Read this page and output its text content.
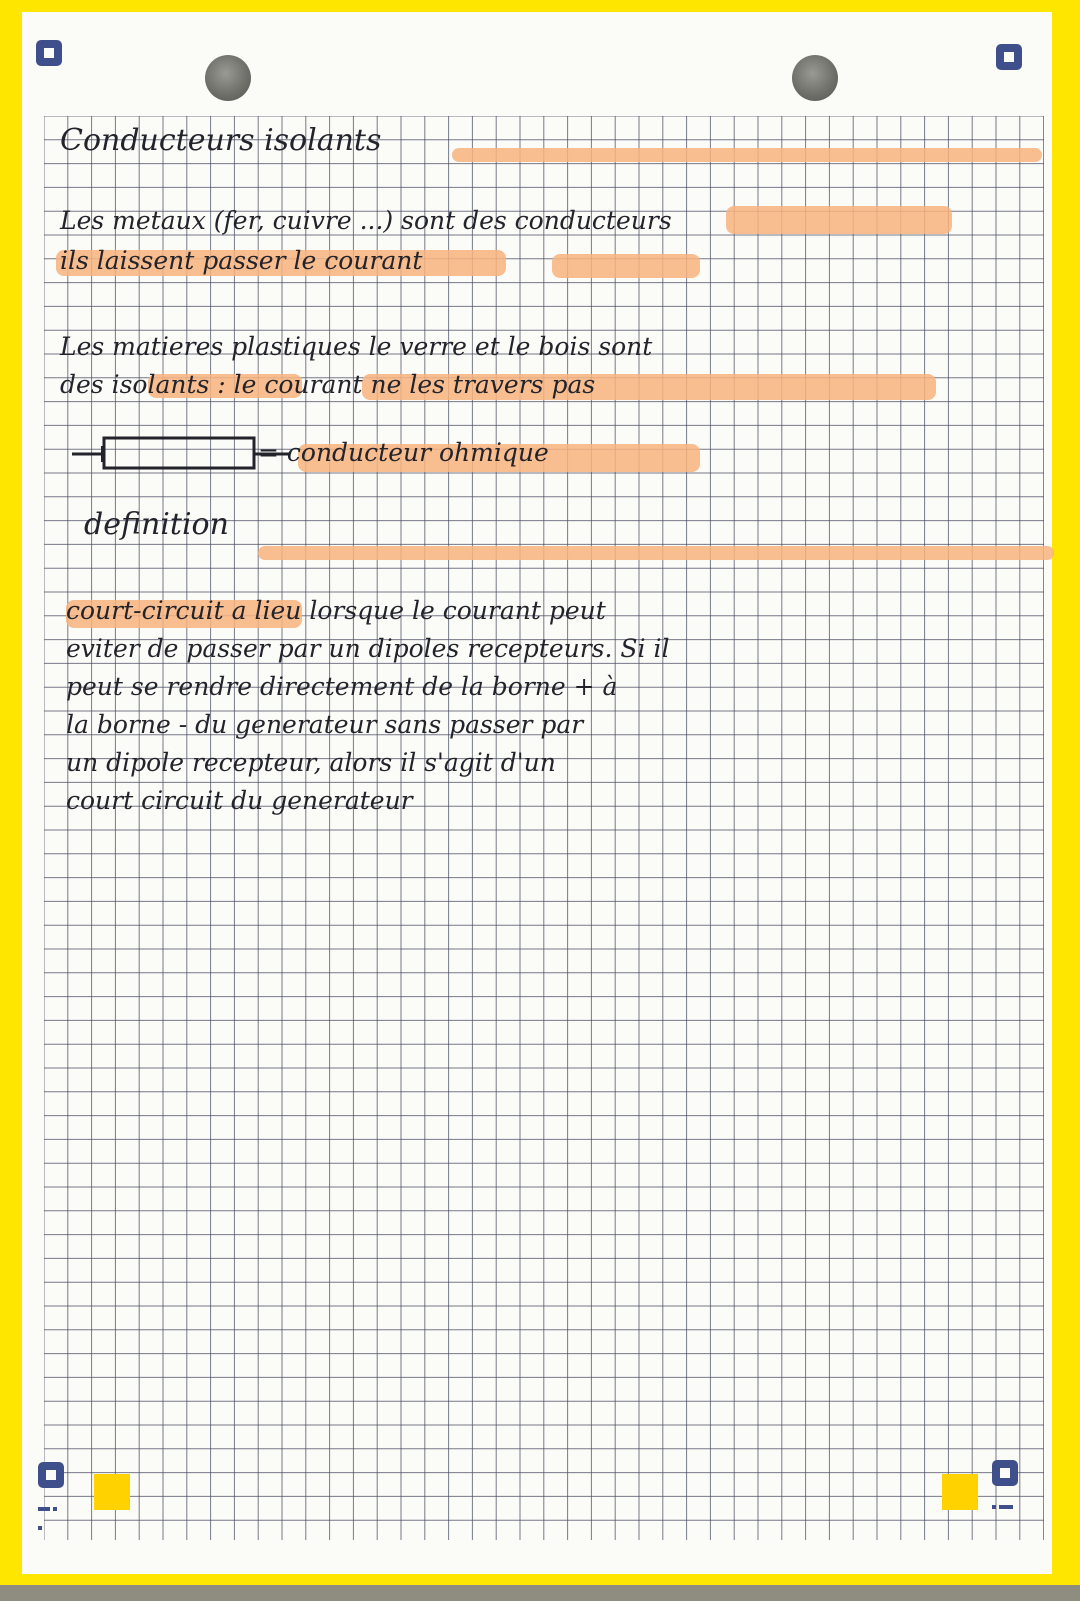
Conducteurs isolants
Les metaux (fer, cuivre ...) sont des conducteurs
ils laissent passer le courant
Les matieres plastiques le verre et le bois sont
des isolants : le courant ne les travers pas
= conducteur ohmique
definition
court-circuit a lieu lorsque le courant peut
eviter de passer par un dipoles recepteurs. Si il
peut se rendre directement de la borne + à
la borne - du generateur sans passer par
un dipole recepteur, alors il s'agit d'un
court circuit du generateur
